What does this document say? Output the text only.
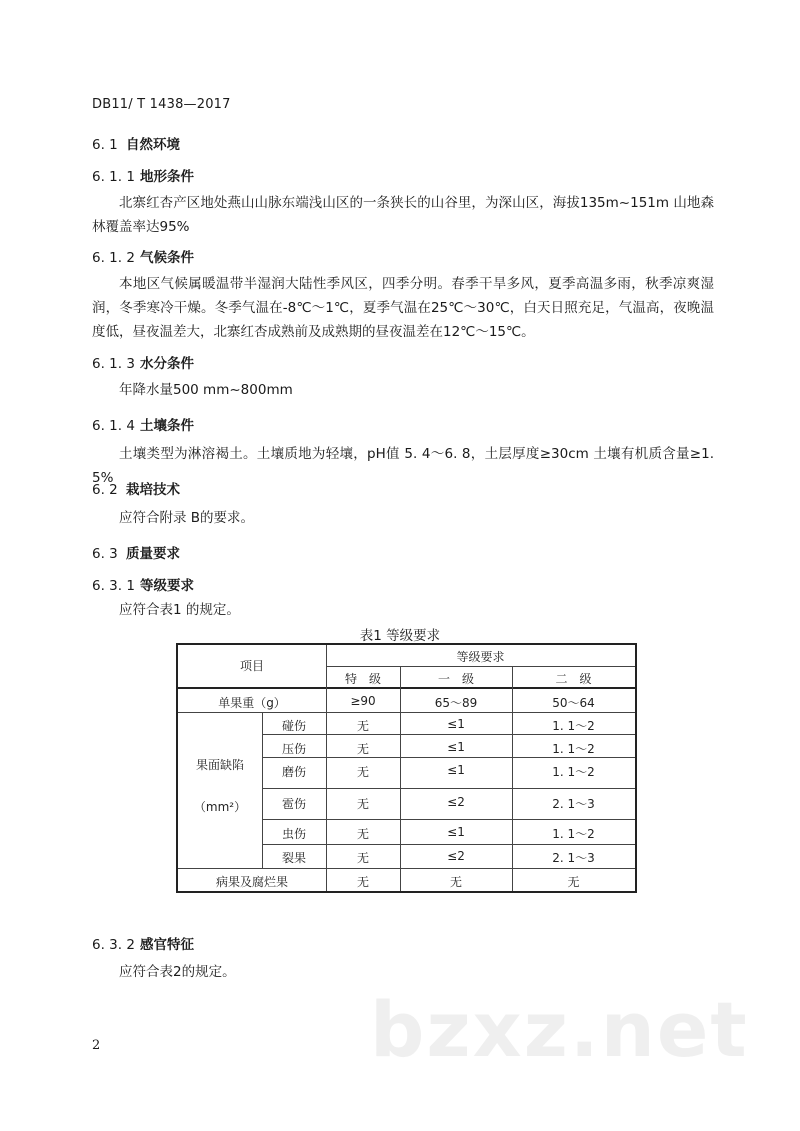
DB11/ T 1438—2017
6. 1 自然环境
6. 1. 1 地形条件
北寨红杏产区地处燕山山脉东端浅山区的一条狭长的山谷里，为深山区，海拔135m~151m 山地森林覆盖率达95%
6. 1. 2 气候条件
本地区气候属暖温带半湿润大陆性季风区，四季分明。春季干旱多风，夏季高温多雨，秋季凉爽湿润，冬季寒冷干燥。冬季气温在-8℃～1℃，夏季气温在25℃～30℃，白天日照充足，气温高，夜晚温度低，昼夜温差大，北寨红杏成熟前及成熟期的昼夜温差在12℃～15℃。
6. 1. 3 水分条件
年降水量500 mm~800mm
6. 1. 4 土壤条件
土壤类型为淋溶褐土。土壤质地为轻壤，pH值 5. 4～6. 8，土层厚度≥30cm 土壤有机质含量≥1. 5%
6. 2 栽培技术
应符合附录 B的要求。
6. 3 质量要求
6. 3. 1 等级要求
应符合表1 的规定。
表1 等级要求
项目
等级要求
特　级	一　级	二　级
单果重（g）	≥90	65～89	50～64
果面缺陷
（mm²）
碰伤	无	≤1	1. 1～2
压伤	无	≤1	1. 1～2
磨伤	无	≤1	1. 1～2
雹伤	无	≤2	2. 1～3
虫伤	无	≤1	1. 1～2
裂果	无	≤2	2. 1～3
病果及腐烂果	无	无	无
6. 3. 2 感官特征
应符合表2的规定。
bzxz.net
2
